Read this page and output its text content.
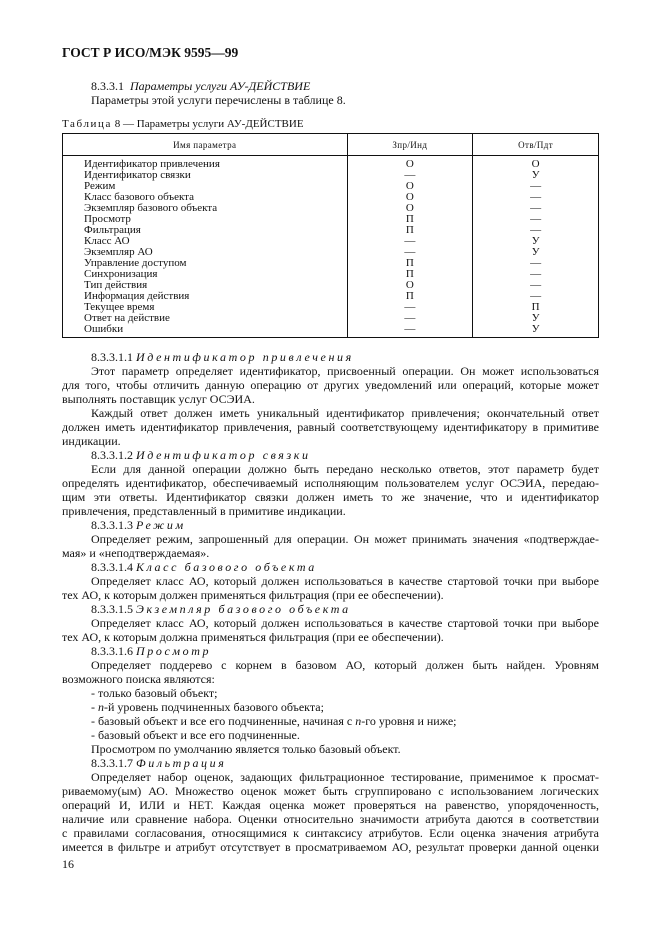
ГОСТ Р ИСО/МЭК 9595—99
8.3.3.1 Параметры услуги АУ-ДЕЙСТВИЕ
Параметры этой услуги перечислены в таблице 8.
Таблица 8 — Параметры услуги АУ-ДЕЙСТВИЕ
Имя параметра	Зпр/Инд	Отв/Пдт
Идентификатор привлечения	О	О
Идентификатор связки	—	У
Режим	О	—
Класс базового объекта	О	—
Экземпляр базового объекта	О	—
Просмотр	П	—
Фильтрация	П	—
Класс АО	—	У
Экземпляр АО	—	У
Управление доступом	П	—
Синхронизация	П	—
Тип действия	О	—
Информация действия	П	—
Текущее время	—	П
Ответ на действие	—	У
Ошибки	—	У
8.3.3.1.1 Идентификатор привлечения
Этот параметр определяет идентификатор, присвоенный операции. Он может использоваться
для того, чтобы отличить данную операцию от других уведомлений или операций, которые может
выполнять поставщик услуг ОСЭИА.
Каждый ответ должен иметь уникальный идентификатор привлечения; окончательный ответ
должен иметь идентификатор привлечения, равный соответствующему идентификатору в примитиве
индикации.
8.3.3.1.2 Идентификатор связки
Если для данной операции должно быть передано несколько ответов, этот параметр будет
определять идентификатор, обеспечиваемый исполняющим пользователем услуг ОСЭИА, передаю-
щим эти ответы. Идентификатор связки должен иметь то же значение, что и идентификатор
привлечения, представленный в примитиве индикации.
8.3.3.1.3 Режим
Определяет режим, запрошенный для операции. Он может принимать значения «подтверждае-
мая» и «неподтверждаемая».
8.3.3.1.4 Класс базового объекта
Определяет класс АО, который должен использоваться в качестве стартовой точки при выборе
тех АО, к которым должен применяться фильтрация (при ее обеспечении).
8.3.3.1.5 Экземпляр базового объекта
Определяет класс АО, который должен использоваться в качестве стартовой точки при выборе
тех АО, к которым должна применяться фильтрация (при ее обеспечении).
8.3.3.1.6 Просмотр
Определяет поддерево с корнем в базовом АО, который должен быть найден. Уровням
возможного поиска являются:
- только базовый объект;
- n-й уровень подчиненных базового объекта;
- базовый объект и все его подчиненные, начиная с n-го уровня и ниже;
- базовый объект и все его подчиненные.
Просмотром по умолчанию является только базовый объект.
8.3.3.1.7 Фильтрация
Определяет набор оценок, задающих фильтрационное тестирование, применимое к просмат-
риваемому(ым) АО. Множество оценок может быть сгруппировано с использованием логических
операций И, ИЛИ и НЕТ. Каждая оценка может проверяться на равенство, упорядоченность,
наличие или сравнение набора. Оценки относительно значимости атрибута даются в соответствии
с правилами согласования, относящимися к синтаксису атрибутов. Если оценка значения атрибута
имеется в фильтре и атрибут отсутствует в просматриваемом АО, результат проверки данной оценки
16
